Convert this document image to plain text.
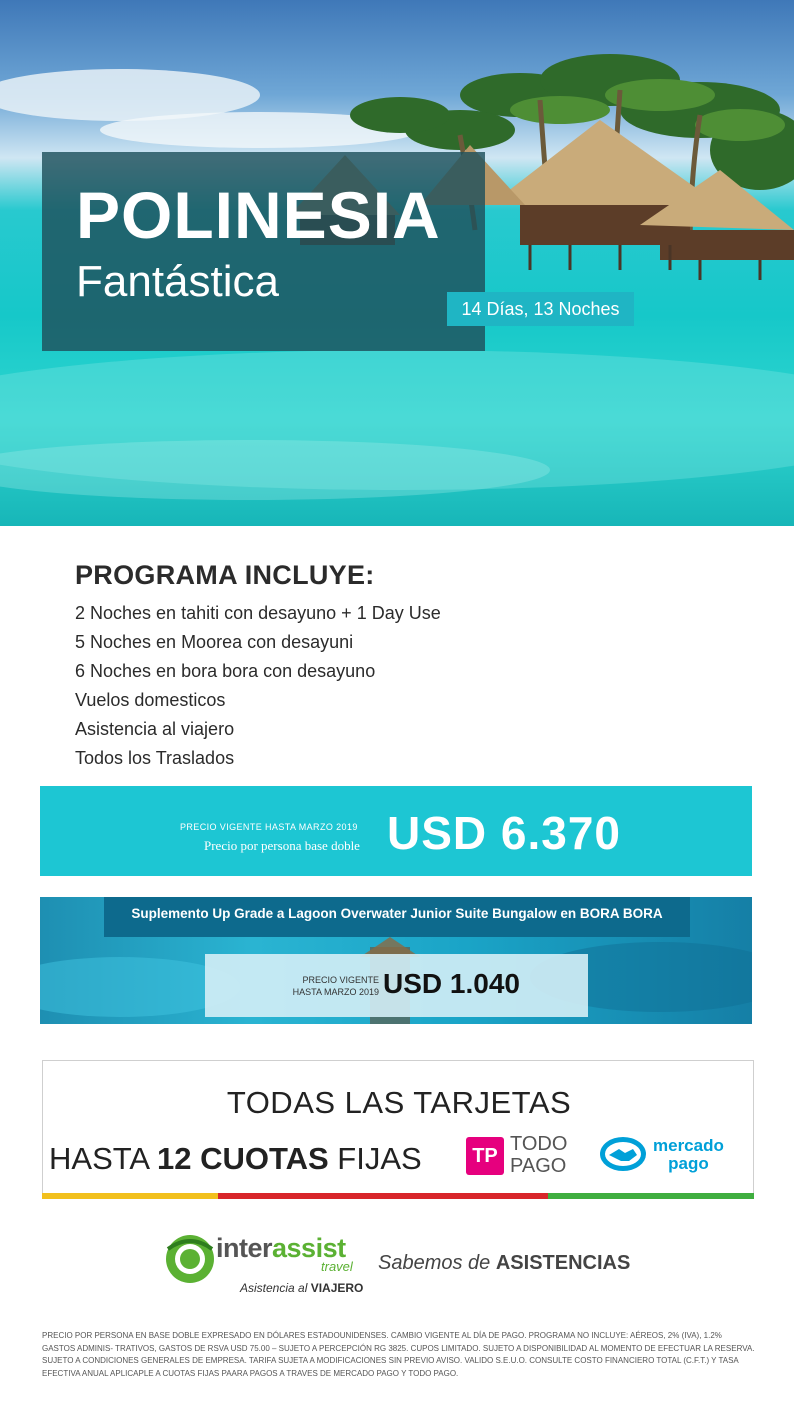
POLINESIA
Fantástica
14 Días, 13 Noches
PROGRAMA INCLUYE:
2 Noches en tahiti con desayuno + 1 Day Use
5 Noches en Moorea con desayuni
6 Noches en bora bora con desayuno
Vuelos domesticos
Asistencia al viajero
Todos los Traslados
PRECIO VIGENTE HASTA MARZO 2019
Precio por persona base doble USD 6.370
Suplemento Up Grade a Lagoon Overwater Junior Suite Bungalow en BORA BORA
PRECIO VIGENTE
HASTA MARZO 2019 USD 1.040
TODAS LAS TARJETAS
HASTA 12 CUOTAS FIJAS	TP
TODO
PAGO
mercado
pago
interassist
travel
Asistencia al VIAJERO
Sabemos de ASISTENCIAS
PRECIO POR PERSONA EN BASE DOBLE EXPRESADO EN DÓLARES ESTADOUNIDENSES. CAMBIO VIGENTE AL DÍA DE PAGO. PROGRAMA NO INCLUYE: AÉREOS, 2% (IVA), 1.2% GASTOS ADMINIS- TRATIVOS, GASTOS DE RSVA USD 75.00 – SUJETO A PERCEPCIÓN RG 3825. CUPOS LIMITADO. SUJETO A DISPONIBILIDAD AL MOMENTO DE EFECTUAR LA RESERVA. SUJETO A CONDICIONES GENERALES DE EMPRESA. TARIFA SUJETA A MODIFICACIONES SIN PREVIO AVISO. VALIDO S.E.U.O. CONSULTE COSTO FINANCIERO TOTAL (C.F.T.) Y TASA EFECTIVA ANUAL APLICAPLE A CUOTAS FIJAS PAARA PAGOS A TRAVES DE MERCADO PAGO Y TODO PAGO.
